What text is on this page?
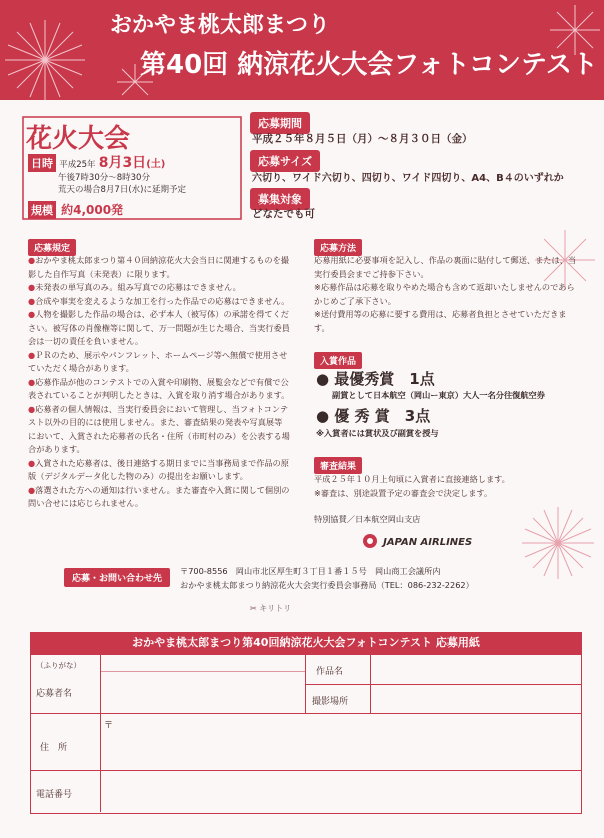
おかやま桃太郎まつり
第40回 納涼花火大会フォトコンテスト
花火大会
日時 平成25年 8月3日(土)
午後7時30分～8時30分
荒天の場合8月7日(水)に延期予定
規模 約4,000発
応募期間
平成２５年８月５日（月）～８月３０日（金）
応募サイズ
六切り、ワイド六切り、四切り、ワイド四切り、A4、B４のいずれか
募集対象
どなたでも可
応募規定
●おかやま桃太郎まつり第４０回納涼花火大会当日に関連するものを撮影した自作写真（未発表）に限ります。
●未発表の単写真のみ。組み写真での応募はできません。
●合成や事実を変えるような加工を行った作品での応募はできません。
●人物を撮影した作品の場合は、必ず本人（被写体）の承諾を得てください。被写体の肖像権等に関して、万一問題が生じた場合、当実行委員会は一切の責任を負いません。
●ＰＲのため、展示やパンフレット、ホームページ等へ無償で使用させていただく場合があります。
●応募作品が他のコンテストでの入賞や印刷物、展覧会などで有償で公表されていることが判明したときは、入賞を取り消す場合があります。
●応募者の個人情報は、当実行委員会において管理し、当フォトコンテスト以外の目的には使用しません。また、審査結果の発表や写真展等において、入賞された応募者の氏名・住所（市町村のみ）を公表する場合があります。
●入賞された応募者は、後日連絡する期日までに当事務局まで作品の原版（デジタルデータ化した物のみ）の提出をお願いします。
●落選された方への通知は行いません。また審査や入賞に関して個別の問い合せには応じられません。
応募方法
応募用紙に必要事項を記入し、作品の裏面に貼付して郵送、または、当実行委員会までご持参下さい。
※応募作品は応募を取りやめた場合も含めて返却いたしませんのであらかじめご了承下さい。
※送付費用等の応募に要する費用は、応募者負担とさせていただきます。
入賞作品
● 最優秀賞　1点
副賞として日本航空（岡山ー東京）大人一名分往復航空券
● 優 秀 賞　3点
※入賞者には賞状及び副賞を授与
審査結果
平成２５年１０月上旬頃に入賞者に直接連絡します。
※審査は、別途設置予定の審査会で決定します。
特別協賛／日本航空岡山支店
JAPAN AIRLINES
応募・お問い合わせ先
〒700-8556　岡山市北区厚生町３丁目１番１５号　岡山商工会議所内
おかやま桃太郎まつり納涼花火大会実行委員会事務局（TEL：086-232-2262）
✂ キリトリ
おかやま桃太郎まつり第40回納涼花火大会フォトコンテスト 応募用紙
（ふりがな）
応募者名
作品名
撮影場所
〒
住　所
電話番号
